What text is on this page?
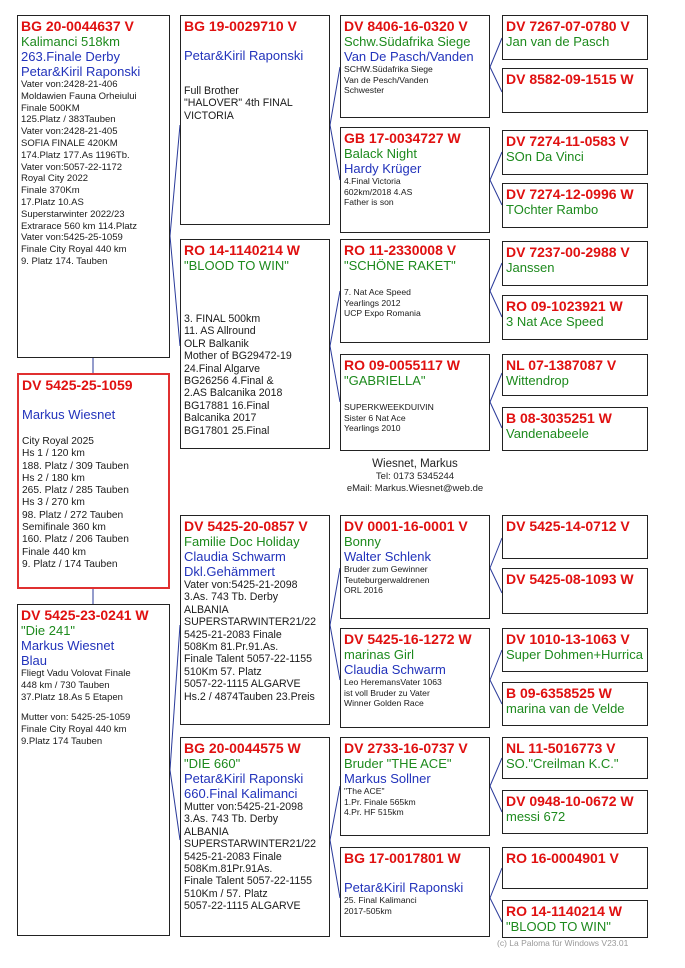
BG 20-0044637 V
Kalimanci 518km
263.Finale Derby
Petar&Kiril Raponski
Vater von:2428-21-406
Moldawien Fauna Orheiului
Finale 500KM
125.Platz / 383Tauben
Vater von:2428-21-405
SOFIA FINALE 420KM
174.Platz 177.As 1196Tb.
Vater von:5057-22-1172
Royal City 2022
Finale 370Km
17.Platz 10.AS
Superstarwinter 2022/23
Extrarace 560 km 114.Platz
Vater von:5425-25-1059
Finale City Royal 440 km
9. Platz 174. Tauben
DV 5425-25-1059
Markus Wiesnet
City Royal 2025
Hs 1 / 120 km
188. Platz / 309 Tauben
Hs 2 / 180 km
265. Platz / 285 Tauben
Hs 3 / 270 km
98. Platz / 272 Tauben
Semifinale 360 km
160. Platz / 206 Tauben
Finale 440 km
9. Platz / 174 Tauben
DV 5425-23-0241 W
"Die 241"
Markus Wiesnet
Blau
Fliegt Vadu Volovat Finale
448 km / 730 Tauben
37.Platz 18.As 5 Etapen
Mutter von: 5425-25-1059
Finale City Royal 440 km
9.Platz 174 Tauben
BG 19-0029710 V
Petar&Kiril Raponski
Full Brother
"HALOVER" 4th FINAL
VICTORIA
RO 14-1140214 W
"BLOOD TO WIN"
3. FINAL 500km
11. AS Allround
OLR Balkanik
Mother of BG29472-19
24.Final Algarve
BG26256 4.Final &
2.AS Balcanika 2018
BG17881 16.Final
Balcanika 2017
BG17801 25.Final
DV 5425-20-0857 V
Familie Doc Holiday
Claudia Schwarm
Dkl.Gehämmert
Vater von:5425-21-2098
3.As. 743 Tb. Derby
ALBANIA
SUPERSTARWINTER21/22
5425-21-2083 Finale
508Km 81.Pr.91.As.
Finale Talent 5057-22-1155
510Km 57. Platz
5057-22-1115 ALGARVE
Hs.2 / 4874Tauben 23.Preis
BG 20-0044575 W
"DIE 660"
Petar&Kiril Raponski
660.Final Kalimanci
Mutter von:5425-21-2098
3.As. 743 Tb. Derby
ALBANIA
SUPERSTARWINTER21/22
5425-21-2083 Finale
508Km.81Pr.91As.
Finale Talent 5057-22-1155
510Km / 57. Platz
5057-22-1115 ALGARVE
DV 8406-16-0320 V
Schw.Südafrika Siege
Van De Pasch/Vanden
SCHW.Südafrika Siege
Van de Pesch/Vanden
Schwester
GB 17-0034727 W
Balack Night
Hardy Krüger
4.Final Victoria
602km/2018 4.AS
Father is son
RO 11-2330008 V
"SCHÖNE RAKET"
7. Nat Ace Speed
Yearlings 2012
UCP Expo Romania
RO 09-0055117 W
"GABRIELLA"
SUPERKWEEKDUIVIN
Sister 6 Nat Ace
Yearlings 2010
DV 0001-16-0001 V
Bonny
Walter Schlenk
Bruder zum Gewinner
Teuteburgerwaldrenen
ORL 2016
DV 5425-16-1272 W
marinas Girl
Claudia Schwarm
Leo HeremansVater 1063
ist voll Bruder zu Vater
Winner Golden Race
DV 2733-16-0737 V
Bruder "THE ACE"
Markus Sollner
"The ACE"
1.Pr. Finale 565km
4.Pr. HF 515km
BG 17-0017801 W
Petar&Kiril Raponski
25. Final Kalimanci
2017-505km
Wiesnet, Markus
Tel: 0173 5345244
eMail: Markus.Wiesnet@web.de
DV 7267-07-0780 V
Jan van de Pasch
DV 8582-09-1515 W
DV 7274-11-0583 V
SOn Da Vinci
DV 7274-12-0996 W
TOchter Rambo
DV 7237-00-2988 V
Janssen
RO 09-1023921 W
3 Nat Ace Speed
NL 07-1387087 V
Wittendrop
B 08-3035251 W
Vandenabeele
DV 5425-14-0712 V
DV 5425-08-1093 W
DV 1010-13-1063 V
Super Dohmen+Hurrica
B 09-6358525 W
marina van de Velde
NL 11-5016773 V
SO."Creilman K.C."
DV 0948-10-0672 W
messi 672
RO 16-0004901 V
RO 14-1140214 W
"BLOOD TO WIN"
(c) La Paloma für Windows V23.01
